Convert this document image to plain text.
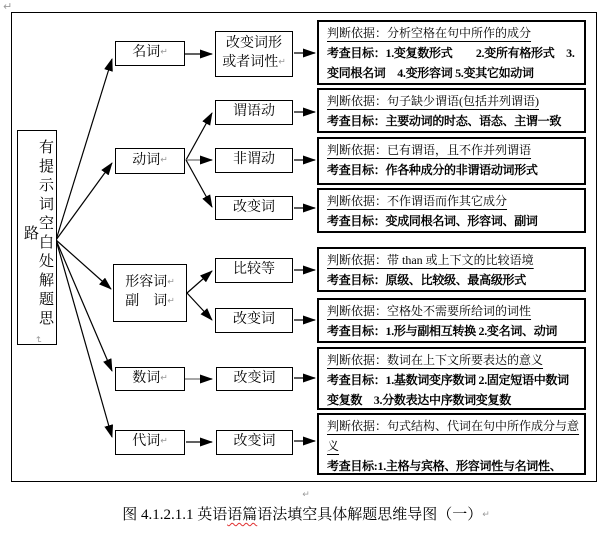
↵
有提示词空白处解题思路
↵
名词↵
动词↵
形容词↵
副　词↵
数词↵
代词↵
改变词形
或者词性↵
谓语动
非谓动
改变词
比较等
改变词
改变词
改变词
判断依据：分析空格在句中所作的成分
考查目标：1.变复数形式　　2.变所有格形式　3.变同根名词　4.变形容词 5.变其它如动词
判断依据：句子缺少谓语(包括并列谓语)
考查目标：主要动词的时态、语态、主谓一致
判断依据：已有谓语，且不作并列谓语
考查目标：作各种成分的非谓语动词形式
判断依据：不作谓语而作其它成分
考查目标：变成同根名词、形容词、副词
判断依据：带 than 或上下文的比较语境
考查目标：原级、比较级、最高级形式
判断依据：空格处不需要所给词的词性
考查目标：1.形与副相互转换 2.变名词、动词
判断依据：数词在上下文所要表达的意义
考查目标：1.基数词变序数词 2.固定短语中数词变复数　3.分数表达中序数词变复数
判断依据：句式结构、代词在句中所作成分与意义
考查目标:1.主格与宾格、形容词性与名词性、
↵
图 4.1.2.1.1 英语语篇语法填空具体解题思维导图（一）↵
